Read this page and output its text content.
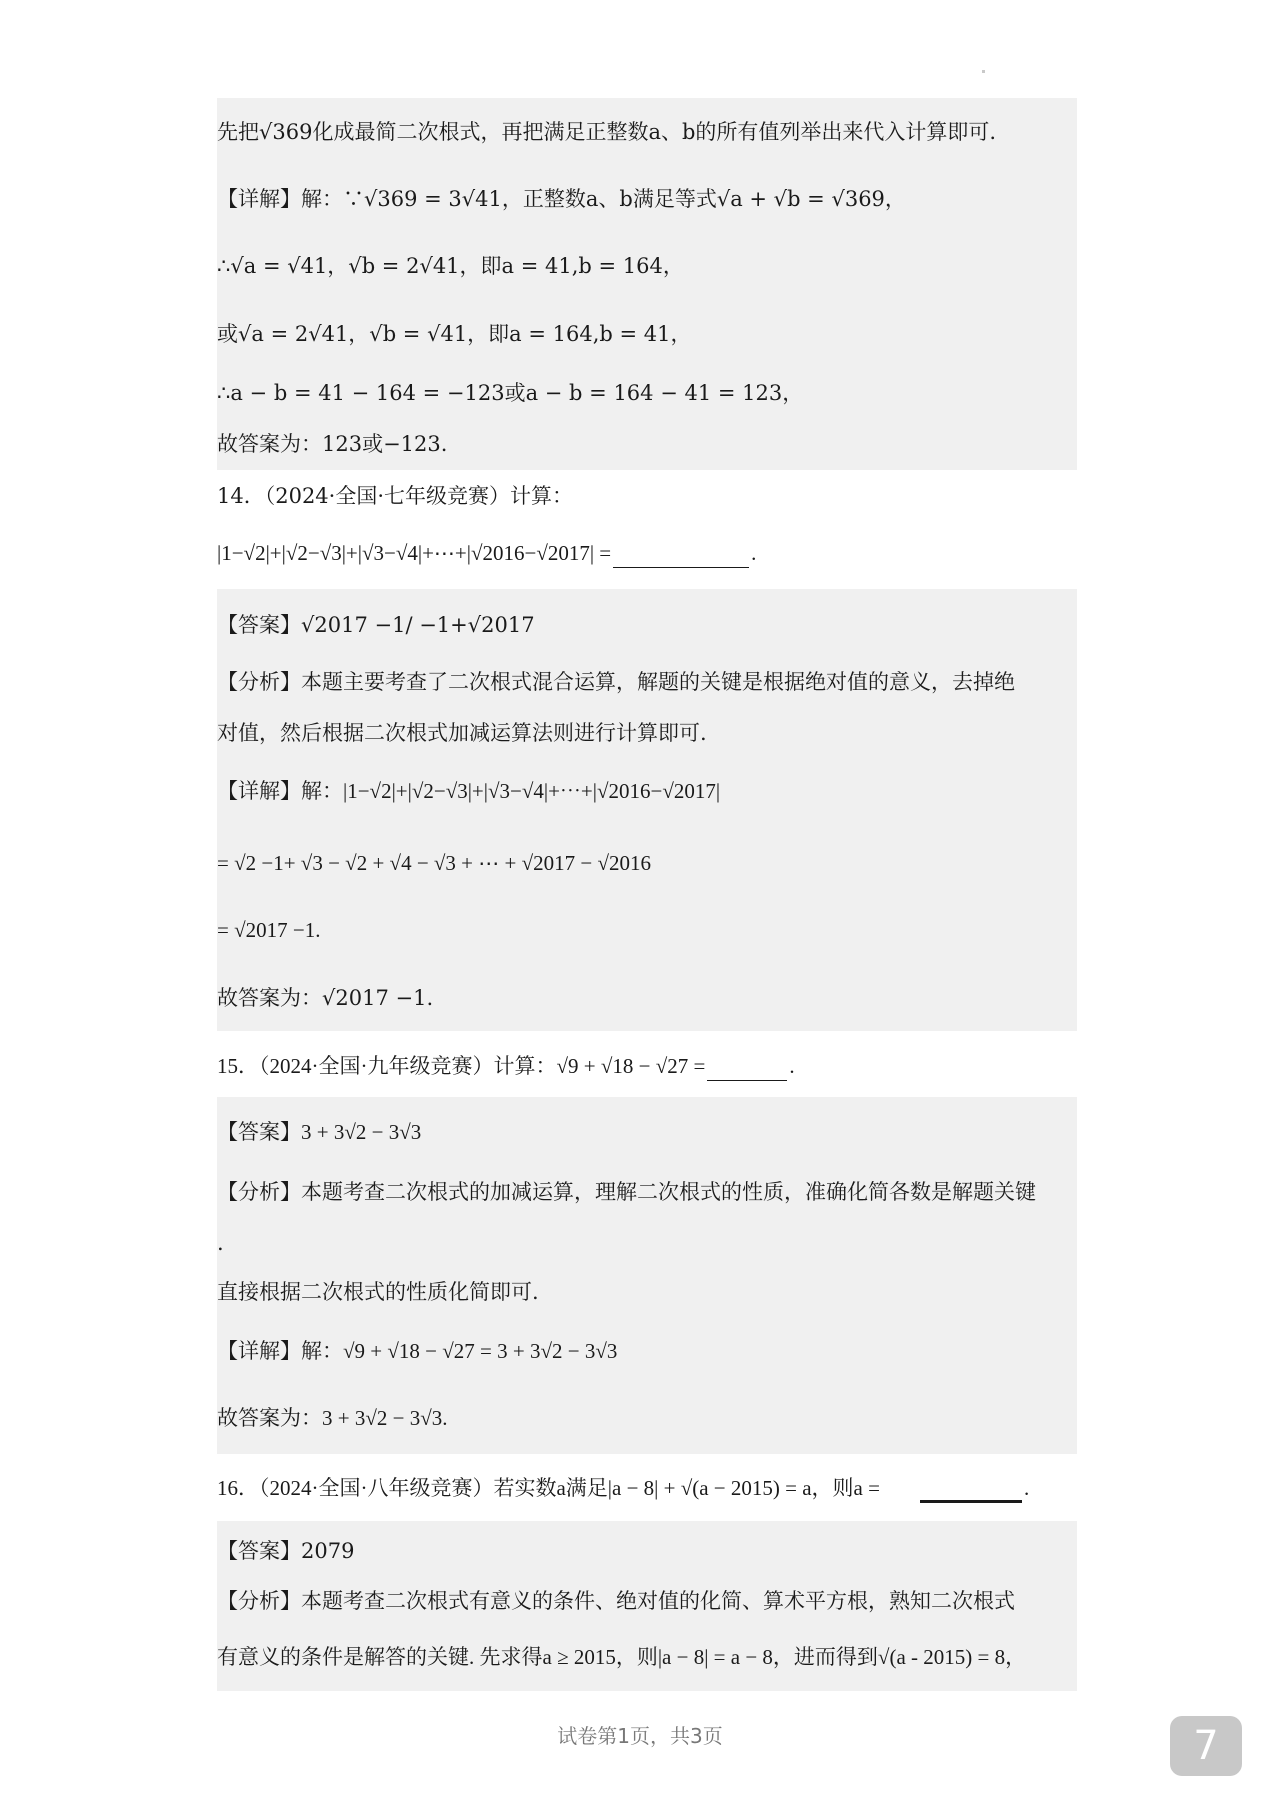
先把√369化成最简二次根式，再把满足正整数a、b的所有值列举出来代入计算即可.
【详解】解：∵√369 = 3√41，正整数a、b满足等式√a + √b = √369，
∴√a = √41，√b = 2√41，即a = 41,b = 164，
或√a = 2√41，√b = √41，即a = 164,b = 41，
∴a − b = 41 − 164 = −123或a − b = 164 − 41 = 123，
故答案为：123或−123.
14．（2024·全国·七年级竞赛）计算：
|1−√2|+|√2−√3|+|√3−√4|+⋯+|√2016−√2017| =	.
【答案】√2017 −1/ −1+√2017
【分析】本题主要考查了二次根式混合运算，解题的关键是根据绝对值的意义，去掉绝
对值，然后根据二次根式加减运算法则进行计算即可.
【详解】解：|1−√2|+|√2−√3|+|√3−√4|+⋯+|√2016−√2017|
= √2 −1+ √3 − √2 + √4 − √3 + ⋯ + √2017 − √2016
= √2017 −1.
故答案为：√2017 −1.
15．（2024·全国·九年级竞赛）计算：√9 + √18 − √27 =	.
【答案】3 + 3√2 − 3√3
【分析】本题考查二次根式的加减运算，理解二次根式的性质，准确化简各数是解题关键
.
直接根据二次根式的性质化简即可.
【详解】解：√9 + √18 − √27 = 3 + 3√2 − 3√3
故答案为：3 + 3√2 − 3√3.
16．（2024·全国·八年级竞赛）若实数a满足|a − 8| + √(a − 2015) = a，则a =	.
【答案】2079
【分析】本题考查二次根式有意义的条件、绝对值的化简、算术平方根，熟知二次根式
有意义的条件是解答的关键. 先求得a ≥ 2015，则|a − 8| = a − 8，进而得到√(a - 2015) = 8，
试卷第1页，共3页	7
